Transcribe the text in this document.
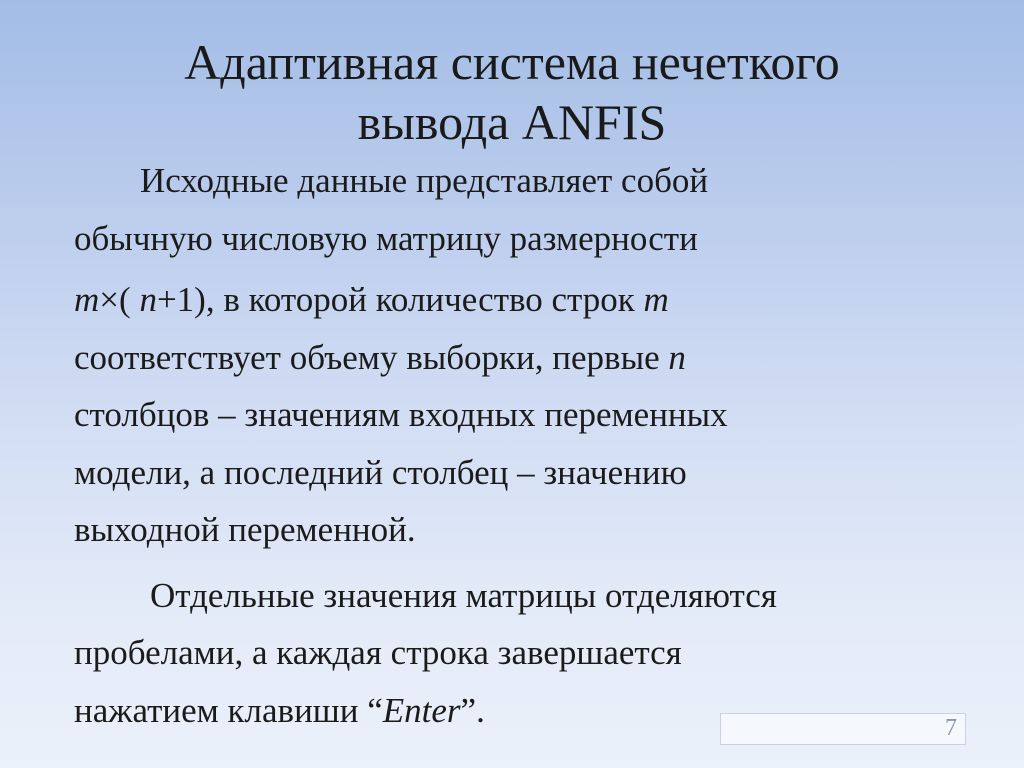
Адаптивная система нечеткого
вывода ANFIS

Исходные данные представляет собой
обычную числовую матрицу размерности
m×( n+1), в которой количество строк m
соответствует объему выборки, первые n
столбцов – значениям входных переменных
модели, а последний столбец – значению
выходной переменной.

Отдельные значения матрицы отделяются
пробелами, а каждая строка завершается
нажатием клавиши “Enter”.	7
